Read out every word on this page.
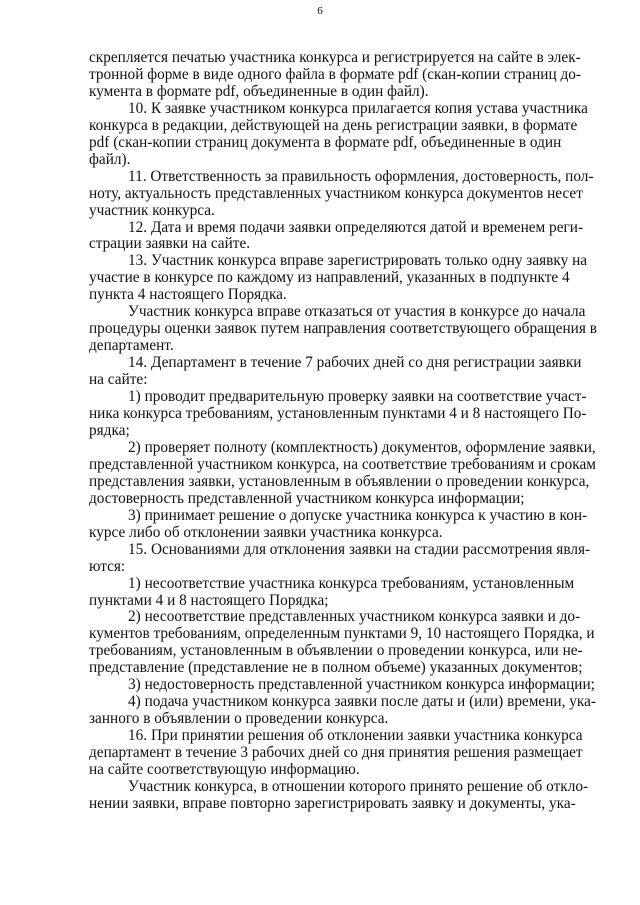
6
скрепляется печатью участника конкурса и регистрируется на сайте в элек-
тронной форме в виде одного файла в формате pdf (скан-копии страниц до-
кумента в формате pdf, объединенные в один файл).
10. К заявке участником конкурса прилагается копия устава участника
конкурса в редакции, действующей на день регистрации заявки, в формате
pdf (скан-копии страниц документа в формате pdf, объединенные в один
файл).
11. Ответственность за правильность оформления, достоверность, пол-
ноту, актуальность представленных участником конкурса документов несет
участник конкурса.
12. Дата и время подачи заявки определяются датой и временем реги-
страции заявки на сайте.
13. Участник конкурса вправе зарегистрировать только одну заявку на
участие в конкурсе по каждому из направлений, указанных в подпункте 4
пункта 4 настоящего Порядка.
Участник конкурса вправе отказаться от участия в конкурсе до начала
процедуры оценки заявок путем направления соответствующего обращения в
департамент.
14. Департамент в течение 7 рабочих дней со дня регистрации заявки
на сайте:
1) проводит предварительную проверку заявки на соответствие участ-
ника конкурса требованиям, установленным пунктами 4 и 8 настоящего По-
рядка;
2) проверяет полноту (комплектность) документов, оформление заявки,
представленной участником конкурса, на соответствие требованиям и срокам
представления заявки, установленным в объявлении о проведении конкурса,
достоверность представленной участником конкурса информации;
3) принимает решение о допуске участника конкурса к участию в кон-
курсе либо об отклонении заявки участника конкурса.
15. Основаниями для отклонения заявки на стадии рассмотрения явля-
ются:
1) несоответствие участника конкурса требованиям, установленным
пунктами 4 и 8 настоящего Порядка;
2) несоответствие представленных участником конкурса заявки и до-
кументов требованиям, определенным пунктами 9, 10 настоящего Порядка, и
требованиям, установленным в объявлении о проведении конкурса, или не-
представление (представление не в полном объеме) указанных документов;
3) недостоверность представленной участником конкурса информации;
4) подача участником конкурса заявки после даты и (или) времени, ука-
занного в объявлении о проведении конкурса.
16. При принятии решения об отклонении заявки участника конкурса
департамент в течение 3 рабочих дней со дня принятия решения размещает
на сайте соответствующую информацию.
Участник конкурса, в отношении которого принято решение об откло-
нении заявки, вправе повторно зарегистрировать заявку и документы, ука-
